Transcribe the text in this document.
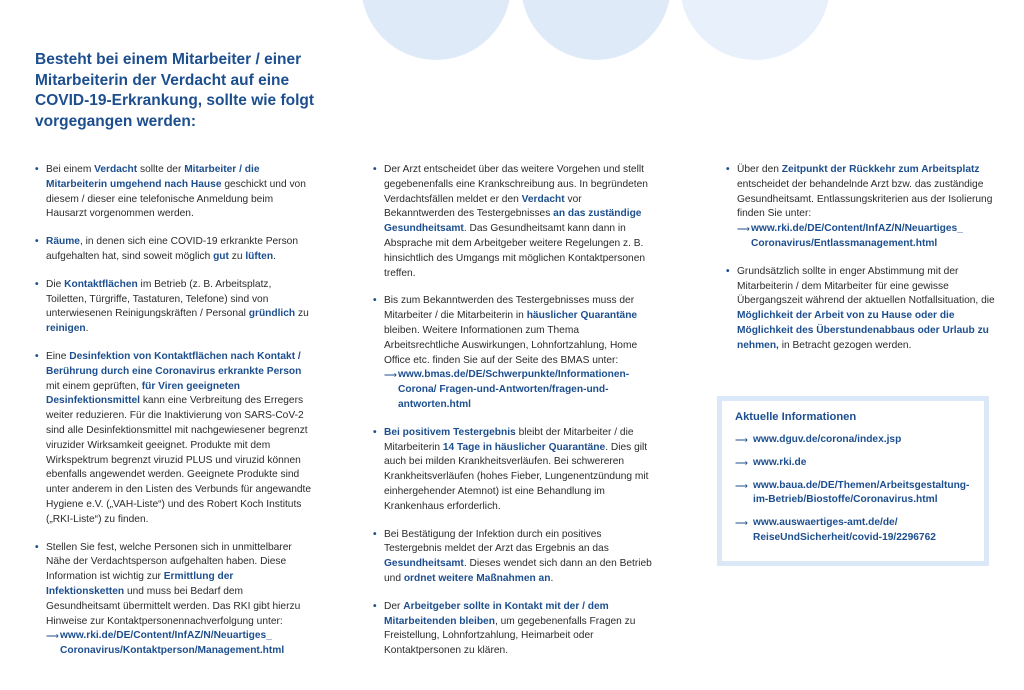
Besteht bei einem Mitarbeiter / einer Mitarbeiterin der Verdacht auf eine COVID-19-Erkrankung, sollte wie folgt vorgegangen werden:
• Bei einem Verdacht sollte der Mitarbeiter / die Mitarbeiterin umgehend nach Hause geschickt und von diesem / dieser eine telefonische Anmeldung beim Hausarzt vorgenommen werden.
• Räume, in denen sich eine COVID-19 erkrankte Person aufgehalten hat, sind soweit möglich gut zu lüften.
• Die Kontaktflächen im Betrieb (z. B. Arbeitsplatz, Toiletten, Türgriffe, Tastaturen, Telefone) sind von unterwiesenen Reinigungskräften / Personal gründlich zu reinigen.
• Eine Desinfektion von Kontaktflächen nach Kontakt / Berührung durch eine Coronavirus erkrankte Person mit einem geprüften, für Viren geeigneten Desinfektionsmittel kann eine Verbreitung des Erregers weiter reduzieren. Für die Inaktivierung von SARS-CoV-2 sind alle Desinfektionsmittel mit nachgewiesener begrenzt viruzider Wirksamkeit geeignet. Produkte mit dem Wirkspektrum begrenzt viruzid PLUS und viruzid können ebenfalls angewendet werden. Geeignete Produkte sind unter anderem in den Listen des Verbunds für angewandte Hygiene e.V. („VAH-Liste“) und des Robert Koch Instituts („RKI-Liste“) zu finden.
• Stellen Sie fest, welche Personen sich in unmittelbarer Nähe der Verdachtsperson aufgehalten haben. Diese Information ist wichtig zur Ermittlung der Infektionsketten und muss bei Bedarf dem Gesundheitsamt übermittelt werden. Das RKI gibt hierzu Hinweise zur Kontaktpersonennachverfolgung unter:
⟶ www.rki.de/DE/Content/InfAZ/N/Neuartiges_ Coronavirus/Kontaktperson/Management.html
• Der Arzt entscheidet über das weitere Vorgehen und stellt gegebenenfalls eine Krankschreibung aus. In begründeten Verdachtsfällen meldet er den Verdacht vor Bekanntwerden des Testergebnisses an das zuständige Gesundheitsamt. Das Gesundheitsamt kann dann in Absprache mit dem Arbeitgeber weitere Regelungen z. B. hinsichtlich des Umgangs mit möglichen Kontaktpersonen treffen.
• Bis zum Bekanntwerden des Testergebnisses muss der Mitarbeiter / die Mitarbeiterin in häuslicher Quarantäne bleiben. Weitere Informationen zum Thema Arbeitsrechtliche Auswirkungen, Lohnfortzahlung, Home Office etc. finden Sie auf der Seite des BMAS unter:
⟶ www.bmas.de/DE/Schwerpunkte/Informationen-Corona/ Fragen-und-Antworten/fragen-und-antworten.html
• Bei positivem Testergebnis bleibt der Mitarbeiter / die Mitarbeiterin 14 Tage in häuslicher Quarantäne. Dies gilt auch bei milden Krankheitsverläufen. Bei schwereren Krankheitsverläufen (hohes Fieber, Lungenentzündung mit einhergehender Atemnot) ist eine Behandlung im Krankenhaus erforderlich.
• Bei Bestätigung der Infektion durch ein positives Testergebnis meldet der Arzt das Ergebnis an das Gesundheitsamt. Dieses wendet sich dann an den Betrieb und ordnet weitere Maßnahmen an.
• Der Arbeitgeber sollte in Kontakt mit der / dem Mitarbeitenden bleiben, um gegebenenfalls Fragen zu Freistellung, Lohnfortzahlung, Heimarbeit oder Kontaktpersonen zu klären.
• Über den Zeitpunkt der Rückkehr zum Arbeitsplatz entscheidet der behandelnde Arzt bzw. das zuständige Gesundheitsamt. Entlassungskriterien aus der Isolierung finden Sie unter:
⟶ www.rki.de/DE/Content/InfAZ/N/Neuartiges_ Coronavirus/Entlassmanagement.html
• Grundsätzlich sollte in enger Abstimmung mit der Mitarbeiterin / dem Mitarbeiter für eine gewisse Übergangszeit während der aktuellen Notfallsituation, die Möglichkeit der Arbeit von zu Hause oder die Möglichkeit des Überstundenabbaus oder Urlaub zu nehmen, in Betracht gezogen werden.
Aktuelle Informationen
⟶ www.dguv.de/corona/index.jsp
⟶ www.rki.de
⟶ www.baua.de/DE/Themen/Arbeitsgestaltung-im-Betrieb/Biostoffe/Coronavirus.html
⟶ www.auswaertiges-amt.de/de/ ReiseUndSicherheit/covid-19/2296762
